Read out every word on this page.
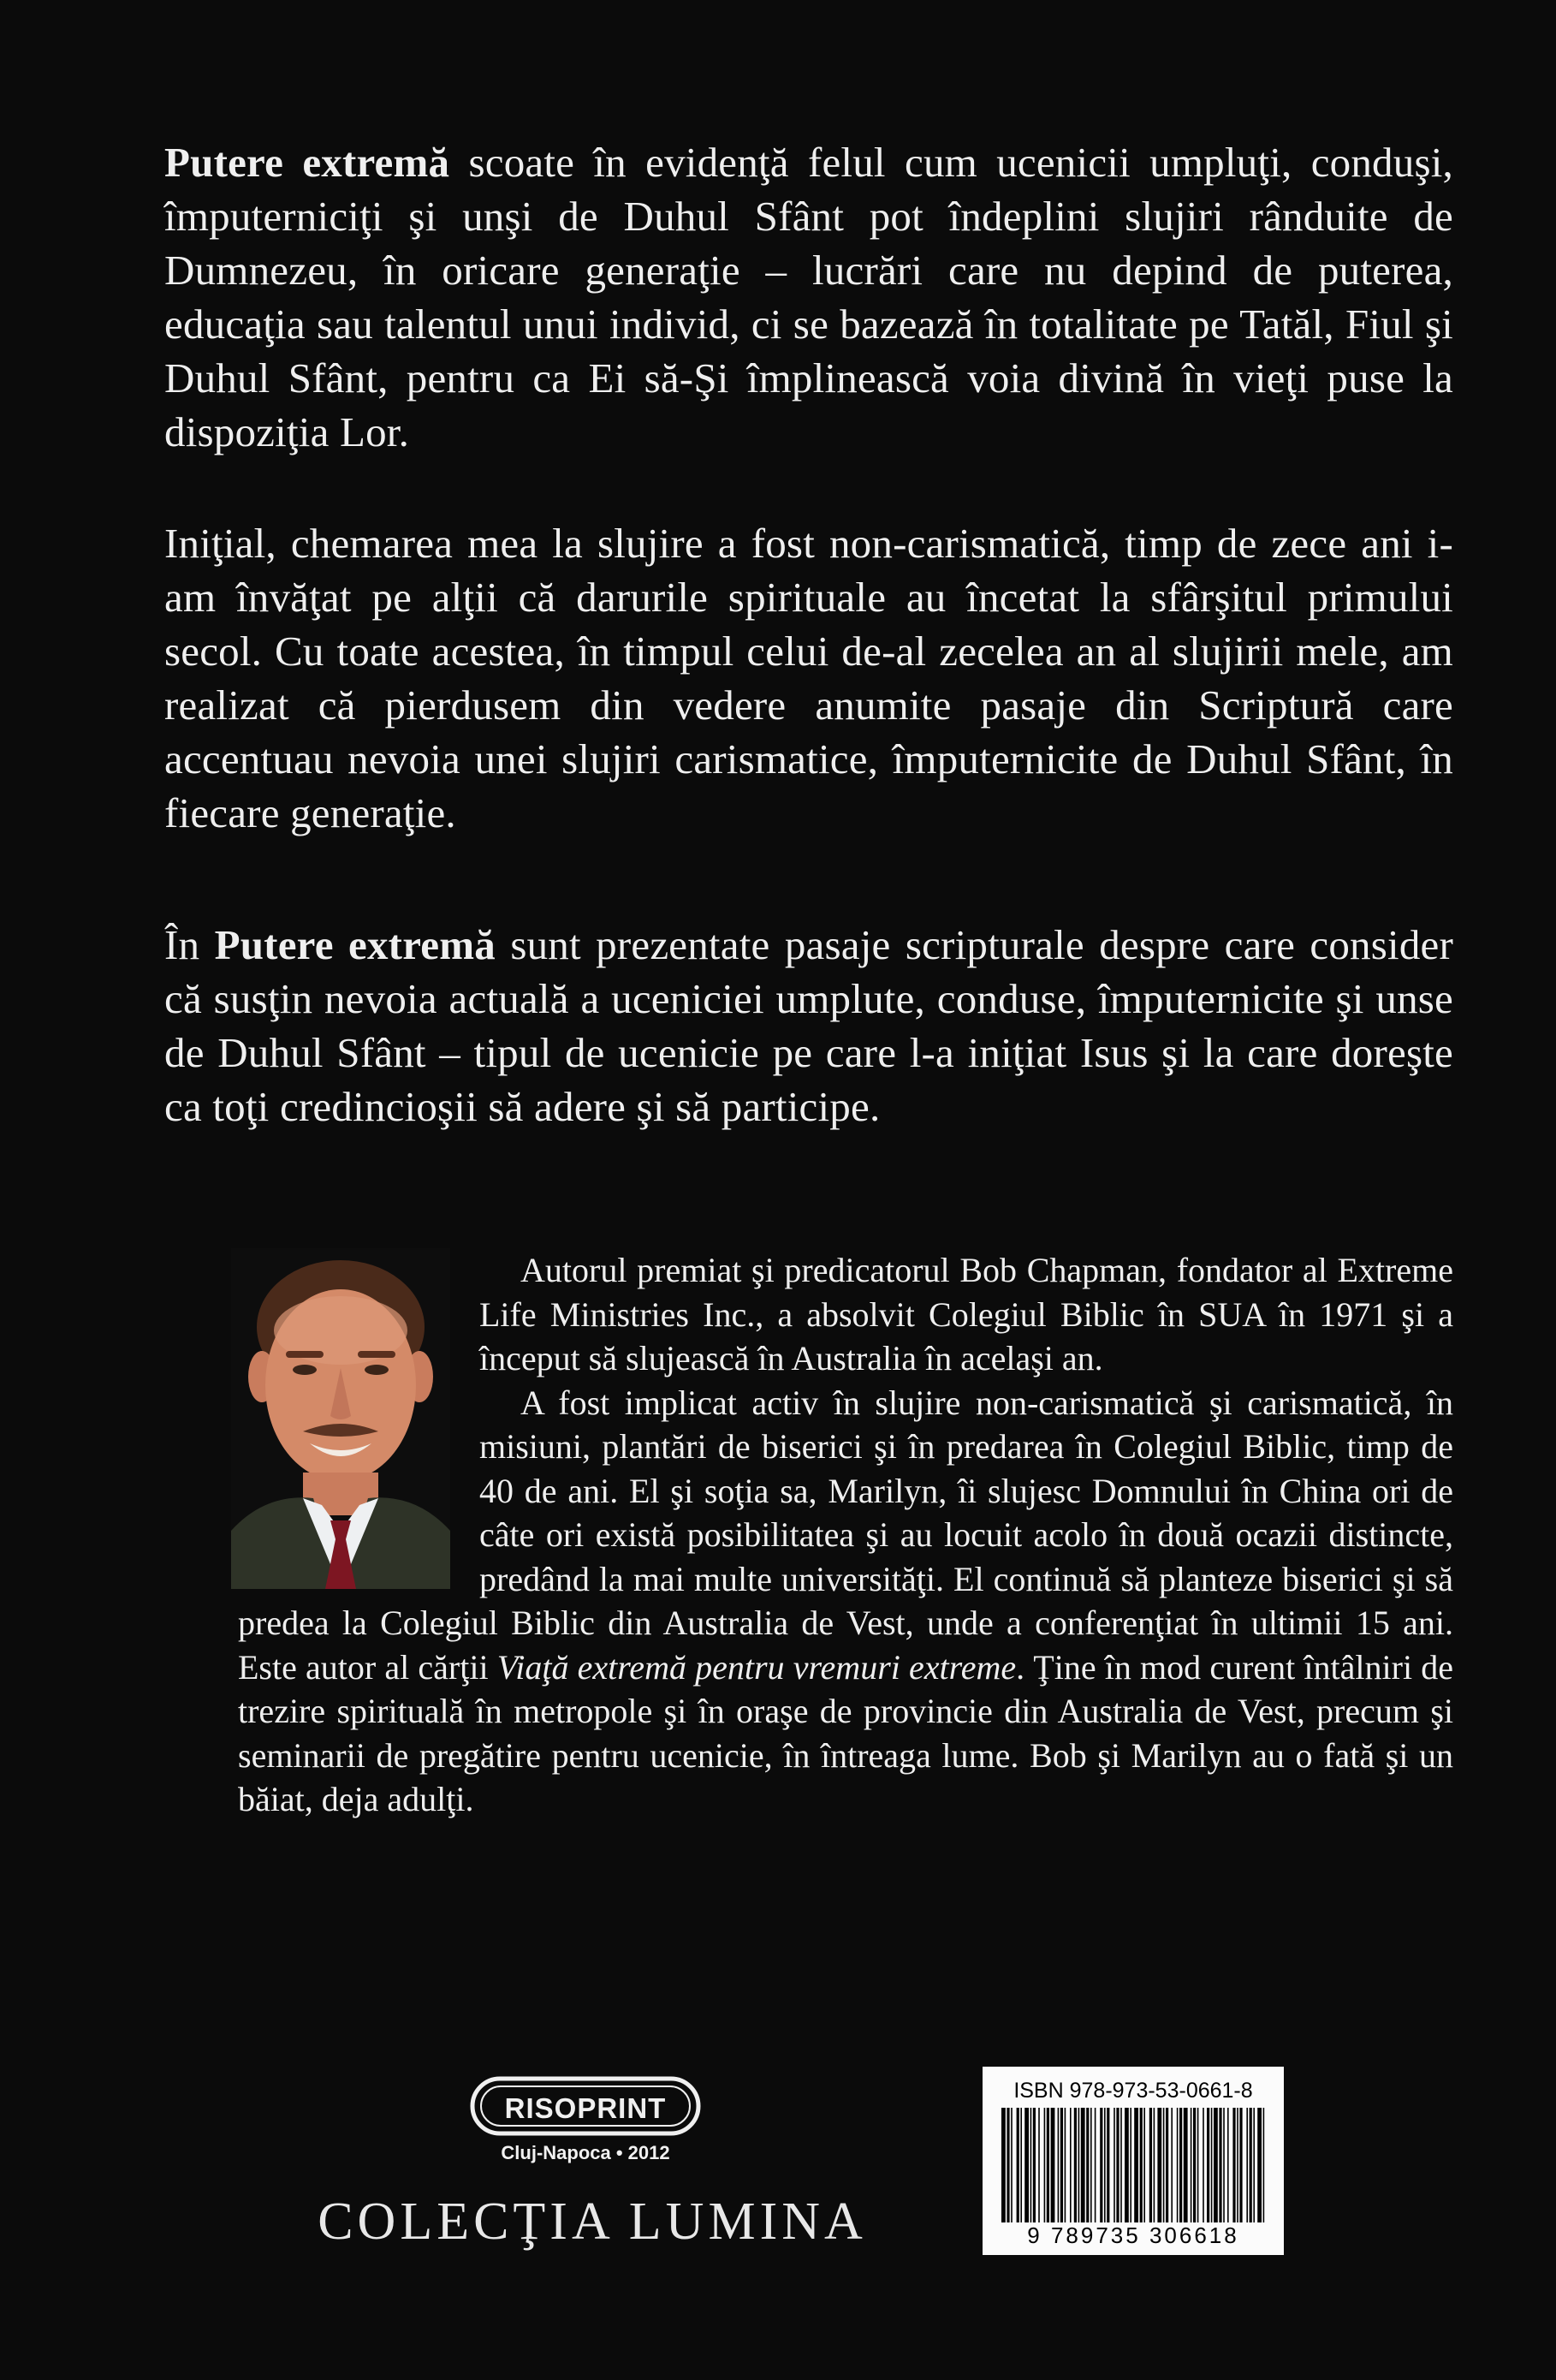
Putere extremă scoate în evidenţă felul cum ucenicii umpluţi, conduşi, împuterniciţi şi unşi de Duhul Sfânt pot îndeplini slujiri rânduite de Dumnezeu, în oricare generaţie – lucrări care nu depind de puterea, educaţia sau talentul unui individ, ci se bazează în totalitate pe Tatăl, Fiul şi Duhul Sfânt, pentru ca Ei să-Şi împlinească voia divină în vieţi puse la dispoziţia Lor.

Iniţial, chemarea mea la slujire a fost non-carismatică, timp de zece ani i-am învăţat pe alţii că darurile spirituale au încetat la sfârşitul primului secol. Cu toate acestea, în timpul celui de-al zecelea an al slujirii mele, am realizat că pierdusem din vedere anumite pasaje din Scriptură care accentuau nevoia unei slujiri carismatice, împuternicite de Duhul Sfânt, în fiecare generaţie.

În Putere extremă sunt prezentate pasaje scripturale despre care consider că susţin nevoia actuală a uceniciei umplute, conduse, împuternicite şi unse de Duhul Sfânt – tipul de ucenicie pe care l-a iniţiat Isus şi la care doreşte ca toţi credincioşii să adere şi să participe.

Autorul premiat şi predicatorul Bob Chapman, fondator al Extreme Life Ministries Inc., a absolvit Colegiul Biblic în SUA în 1971 şi a început să slujească în Australia în acelaşi an.

A fost implicat activ în slujire non-carismatică şi carismatică, în misiuni, plantări de biserici şi în predarea în Colegiul Biblic, timp de 40 de ani. El şi soţia sa, Marilyn, îi slujesc Domnului în China ori de câte ori există posibilitatea şi au locuit acolo în două ocazii distincte, predând la mai multe universităţi. El continuă să planteze biserici şi să predea la Colegiul Biblic din Australia de Vest, unde a conferenţiat în ultimii 15 ani. Este autor al cărţii Viaţă extremă pentru vremuri extreme. Ţine în mod curent întâlniri de trezire spirituală în metropole şi în oraşe de provincie din Australia de Vest, precum şi seminarii de pregătire pentru ucenicie, în întreaga lume. Bob şi Marilyn au o fată şi un băiat, deja adulţi.

RISOPRINT
Cluj-Napoca • 2012
COLECŢIA LUMINA
ISBN 978-973-53-0661-8
9 789735 306618
